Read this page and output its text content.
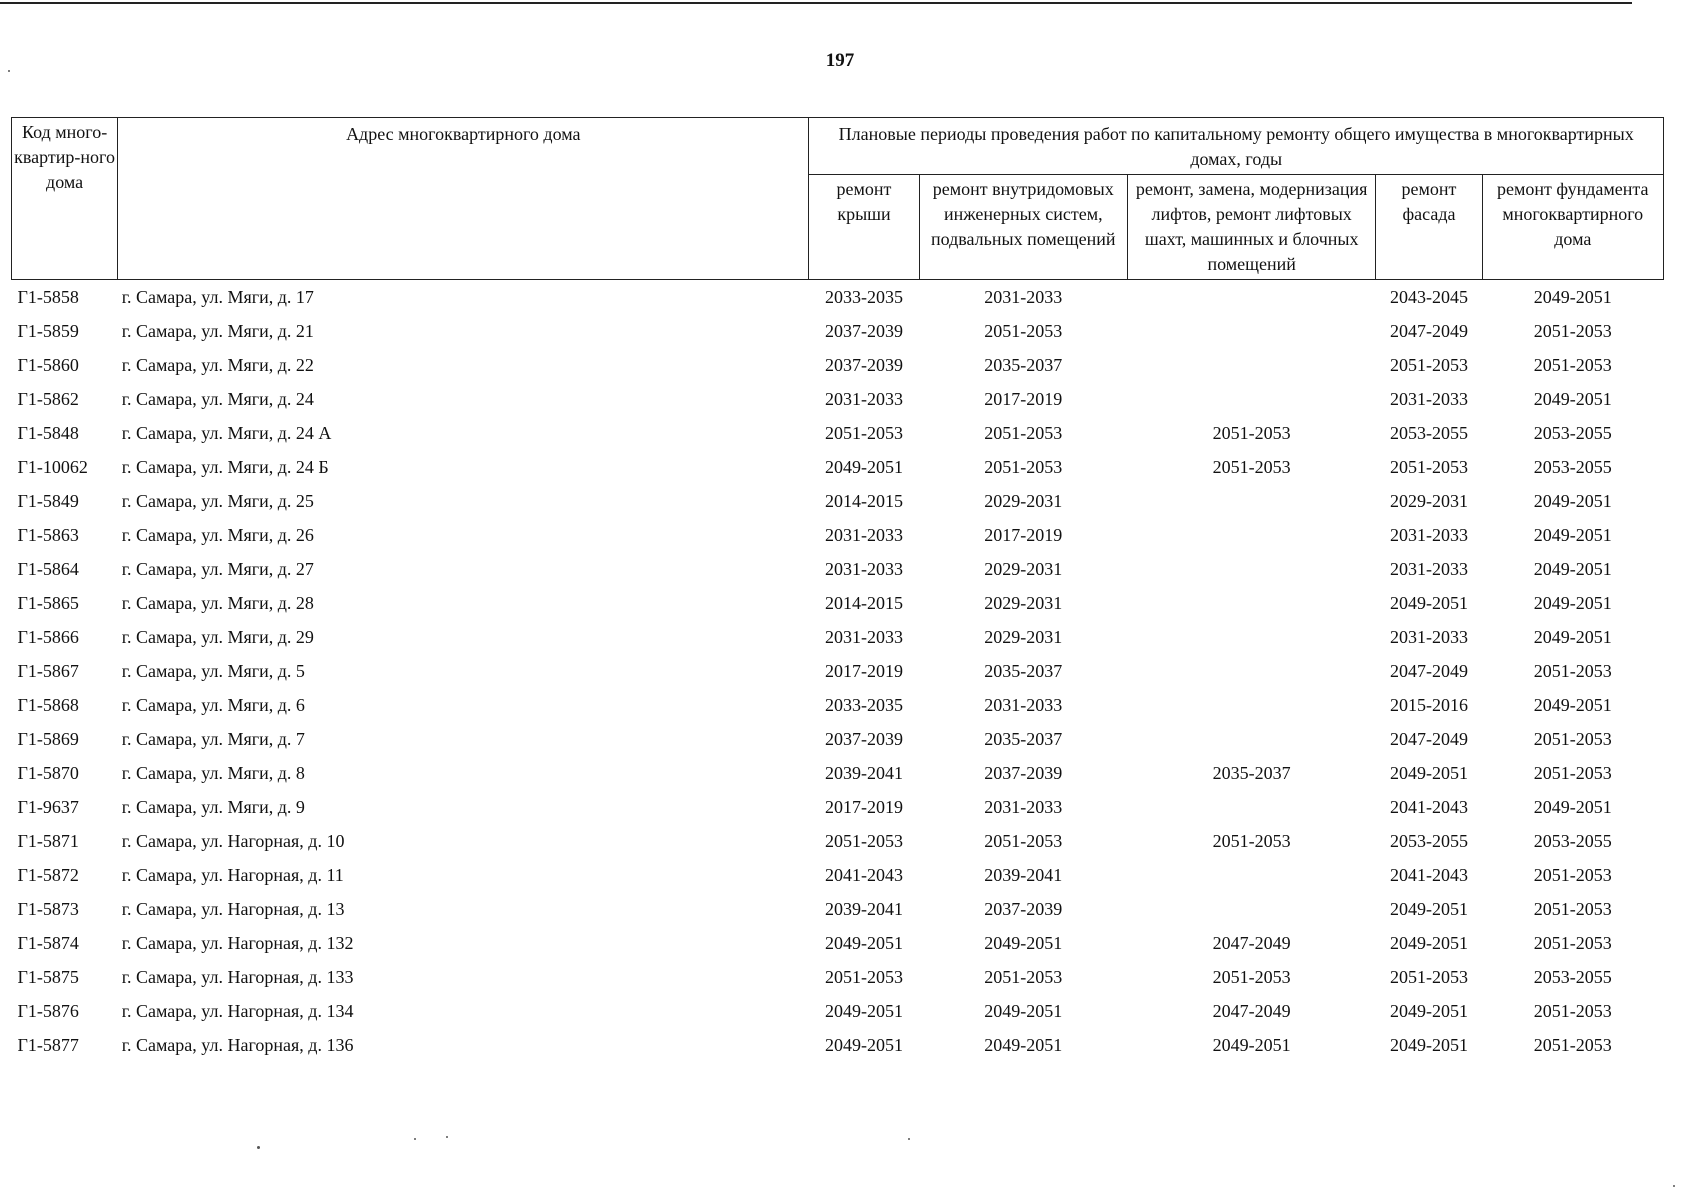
197
Код много-квартир-ного дома	Адрес многоквартирного дома	Плановые периоды проведения работ по капитальному ремонту общего имущества в многоквартирных домах, годы				
		ремонт крыши	ремонт внутридомовых инженерных систем, подвальных помещений	ремонт, замена, модернизация лифтов, ремонт лифтовых шахт, машинных и блочных помещений	ремонт фасада	ремонт фундамента многоквартирного дома
Г1-5858	г. Самара, ул. Мяги, д. 17	2033-2035	2031-2033		2043-2045	2049-2051
Г1-5859	г. Самара, ул. Мяги, д. 21	2037-2039	2051-2053		2047-2049	2051-2053
Г1-5860	г. Самара, ул. Мяги, д. 22	2037-2039	2035-2037		2051-2053	2051-2053
Г1-5862	г. Самара, ул. Мяги, д. 24	2031-2033	2017-2019		2031-2033	2049-2051
Г1-5848	г. Самара, ул. Мяги, д. 24 А	2051-2053	2051-2053	2051-2053	2053-2055	2053-2055
Г1-10062	г. Самара, ул. Мяги, д. 24 Б	2049-2051	2051-2053	2051-2053	2051-2053	2053-2055
Г1-5849	г. Самара, ул. Мяги, д. 25	2014-2015	2029-2031		2029-2031	2049-2051
Г1-5863	г. Самара, ул. Мяги, д. 26	2031-2033	2017-2019		2031-2033	2049-2051
Г1-5864	г. Самара, ул. Мяги, д. 27	2031-2033	2029-2031		2031-2033	2049-2051
Г1-5865	г. Самара, ул. Мяги, д. 28	2014-2015	2029-2031		2049-2051	2049-2051
Г1-5866	г. Самара, ул. Мяги, д. 29	2031-2033	2029-2031		2031-2033	2049-2051
Г1-5867	г. Самара, ул. Мяги, д. 5	2017-2019	2035-2037		2047-2049	2051-2053
Г1-5868	г. Самара, ул. Мяги, д. 6	2033-2035	2031-2033		2015-2016	2049-2051
Г1-5869	г. Самара, ул. Мяги, д. 7	2037-2039	2035-2037		2047-2049	2051-2053
Г1-5870	г. Самара, ул. Мяги, д. 8	2039-2041	2037-2039	2035-2037	2049-2051	2051-2053
Г1-9637	г. Самара, ул. Мяги, д. 9	2017-2019	2031-2033		2041-2043	2049-2051
Г1-5871	г. Самара, ул. Нагорная, д. 10	2051-2053	2051-2053	2051-2053	2053-2055	2053-2055
Г1-5872	г. Самара, ул. Нагорная, д. 11	2041-2043	2039-2041		2041-2043	2051-2053
Г1-5873	г. Самара, ул. Нагорная, д. 13	2039-2041	2037-2039		2049-2051	2051-2053
Г1-5874	г. Самара, ул. Нагорная, д. 132	2049-2051	2049-2051	2047-2049	2049-2051	2051-2053
Г1-5875	г. Самара, ул. Нагорная, д. 133	2051-2053	2051-2053	2051-2053	2051-2053	2053-2055
Г1-5876	г. Самара, ул. Нагорная, д. 134	2049-2051	2049-2051	2047-2049	2049-2051	2051-2053
Г1-5877	г. Самара, ул. Нагорная, д. 136	2049-2051	2049-2051	2049-2051	2049-2051	2051-2053
